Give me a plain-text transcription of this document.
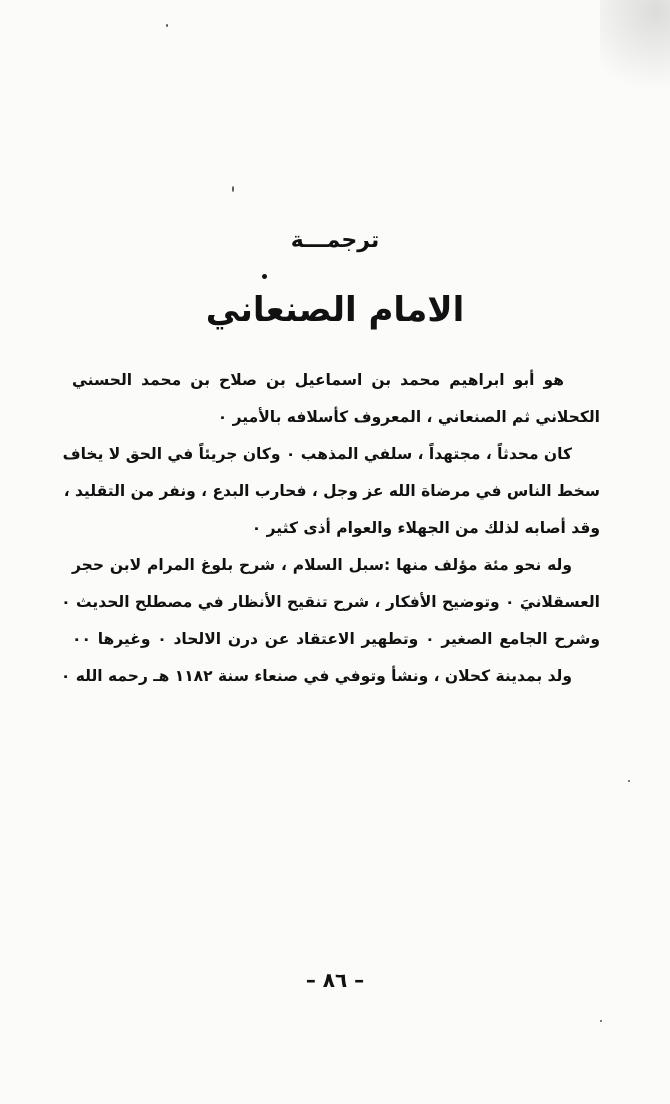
ترجمـــة
الامام الصنعاني

هو أبو ابراهيم محمد بن اسماعيل بن صلاح بن محمد الحسني
الكحلاني ثم الصنعاني ، المعروف كأسلافه بالأمير ٠

كان محدثاً ، مجتهداً ، سلفي المذهب ٠ وكان جريئاً في الحق لا يخاف
سخط الناس في مرضاة الله عز وجل ، فحارب البدع ، ونفر من التقليد ،
وقد أصابه لذلك من الجهلاء والعوام أذى كثير ٠

وله نحو مئة مؤلف منها :سبل السلام ، شرح بلوغ المرام لابن حجر
العسقلانيَ ٠ وتوضيح الأفكار ، شرح تنقيح الأنظار في مصطلح الحديث ٠
وشرح الجامع الصغير ٠ وتطهير الاعتقاد عن درن الالحاد ٠ وغيرها ٠٠

ولد بمدينة كحلان ، ونشأ وتوفي في صنعاء سنة ١١٨٢ هـ رحمه الله ٠

– ٨٦ –
